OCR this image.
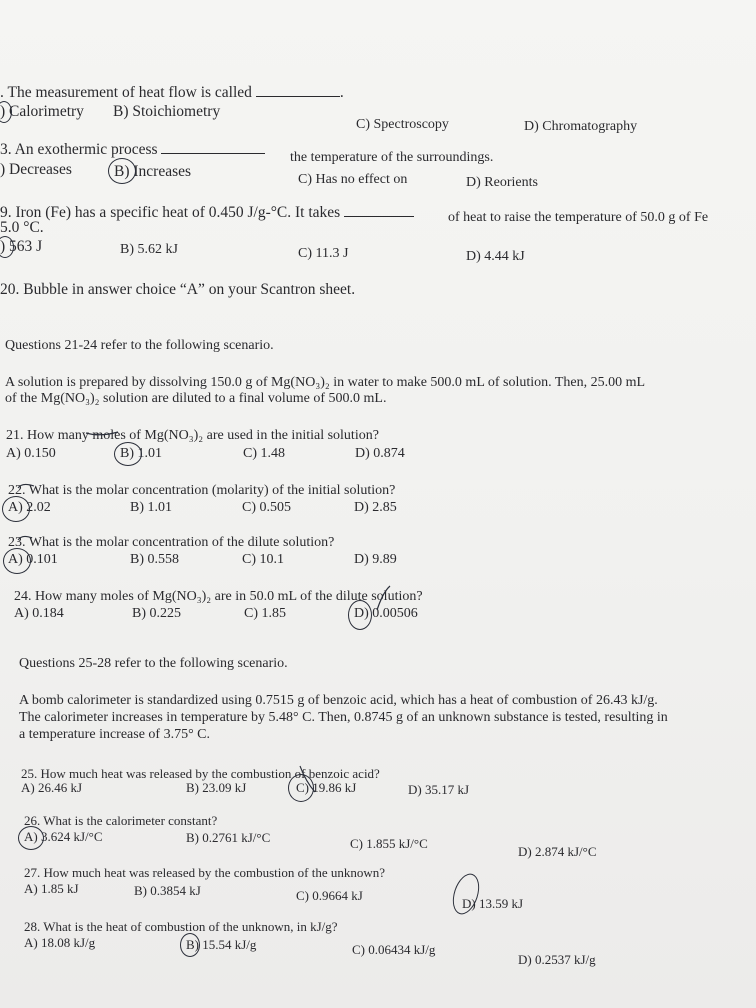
. The measurement of heat flow is called	.
) Calorimetry B) Stoichiometry
C) Spectroscopy	D) Chromatography
3. An exothermic process	the temperature of the surroundings.
) Decreases	B) Increases	C) Has no effect on	D) Reorients
9. Iron (Fe) has a specific heat of 0.450 J/g-°C. It takes	of heat to raise the temperature of 50.0 g of Fe
5.0 °C.
) 563 J	B) 5.62 kJ	C) 11.3 J	D) 4.44 kJ
20. Bubble in answer choice “A” on your Scantron sheet.
Questions 21-24 refer to the following scenario.
A solution is prepared by dissolving 150.0 g of Mg(NO₃)₂ in water to make 500.0 mL of solution. Then, 25.00 mL
of the Mg(NO₃)₂ solution are diluted to a final volume of 500.0 mL.
21. How many moles of Mg(NO₃)₂ are used in the initial solution?
A) 0.150	B) 1.01	C) 1.48	D) 0.874
22. What is the molar concentration (molarity) of the initial solution?
A) 2.02	B) 1.01	C) 0.505	D) 2.85
23. What is the molar concentration of the dilute solution?
A) 0.101	B) 0.558	C) 10.1	D) 9.89
24. How many moles of Mg(NO₃)₂ are in 50.0 mL of the dilute solution?
A) 0.184	B) 0.225	C) 1.85	D) 0.00506
Questions 25-28 refer to the following scenario.
A bomb calorimeter is standardized using 0.7515 g of benzoic acid, which has a heat of combustion of 26.43 kJ/g.
The calorimeter increases in temperature by 5.48° C. Then, 0.8745 g of an unknown substance is tested, resulting in
a temperature increase of 3.75° C.
25. How much heat was released by the combustion of benzoic acid?
A) 26.46 kJ	B) 23.09 kJ	C) 19.86 kJ	D) 35.17 kJ
26. What is the calorimeter constant?
A) 3.624 kJ/°C	B) 0.2761 kJ/°C	C) 1.855 kJ/°C
D) 2.874 kJ/°C
27. How much heat was released by the combustion of the unknown?
A) 1.85 kJ	B) 0.3854 kJ	C) 0.9664 kJ
D) 13.59 kJ
28. What is the heat of combustion of the unknown, in kJ/g?
A) 18.08 kJ/g	B) 15.54 kJ/g	C) 0.06434 kJ/g
D) 0.2537 kJ/g
